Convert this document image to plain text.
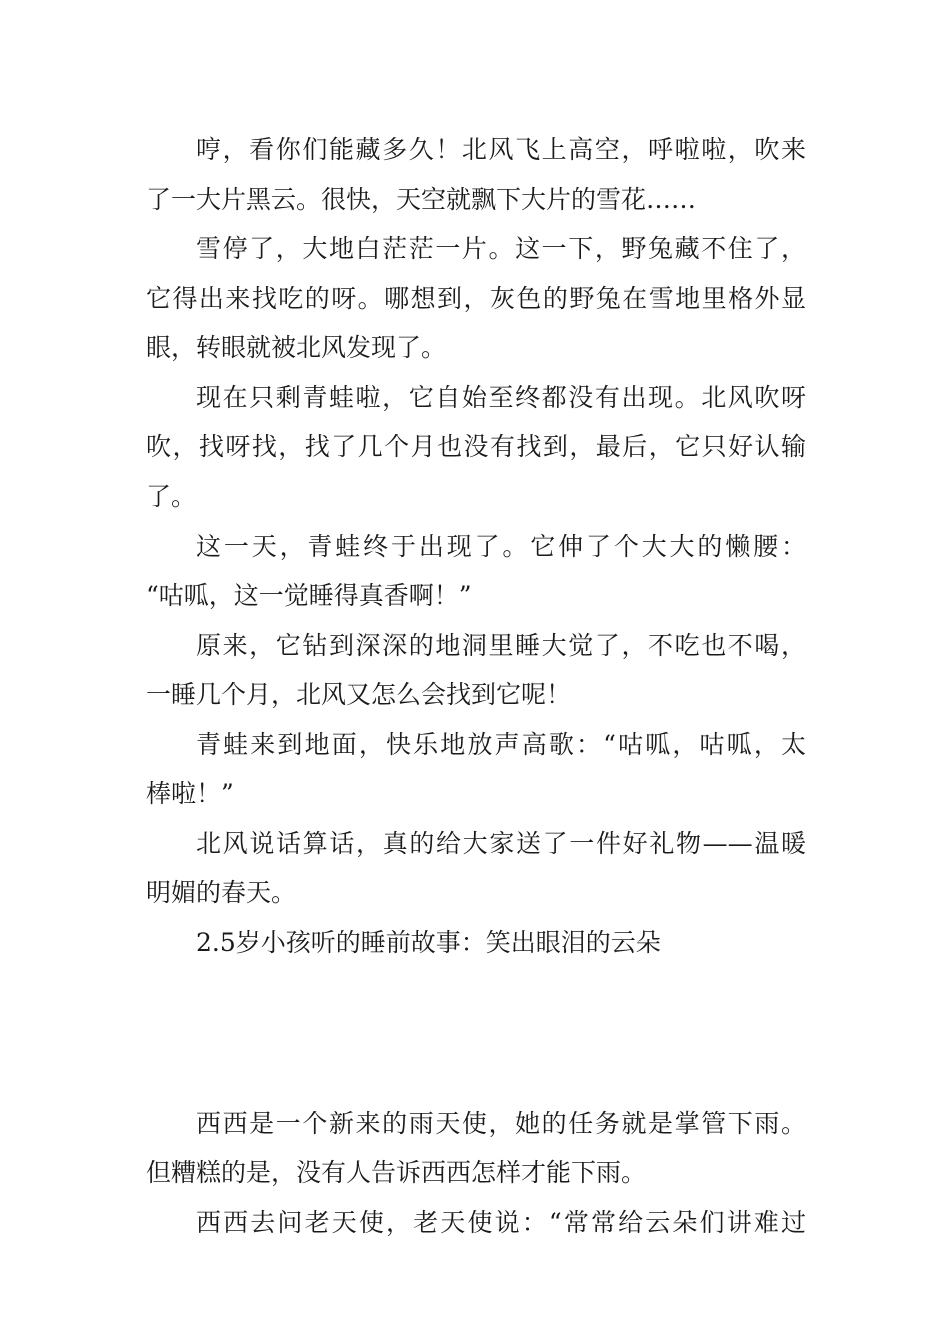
哼，看你们能藏多久！北风飞上高空，呼啦啦，吹来
了一大片黑云。很快，天空就飘下大片的雪花……
雪停了，大地白茫茫一片。这一下，野兔藏不住了，
它得出来找吃的呀。哪想到，灰色的野兔在雪地里格外显
眼，转眼就被北风发现了。
现在只剩青蛙啦，它自始至终都没有出现。北风吹呀
吹，找呀找，找了几个月也没有找到，最后，它只好认输
了。
这一天，青蛙终于出现了。它伸了个大大的懒腰：
“咕呱，这一觉睡得真香啊！”
原来，它钻到深深的地洞里睡大觉了，不吃也不喝，
一睡几个月，北风又怎么会找到它呢！
青蛙来到地面，快乐地放声高歌：“咕呱，咕呱，太
棒啦！”
北风说话算话，真的给大家送了一件好礼物——温暖
明媚的春天。
2.5岁小孩听的睡前故事：笑出眼泪的云朵
西西是一个新来的雨天使，她的任务就是掌管下雨。
但糟糕的是，没有人告诉西西怎样才能下雨。
西西去问老天使，老天使说：“常常给云朵们讲难过
